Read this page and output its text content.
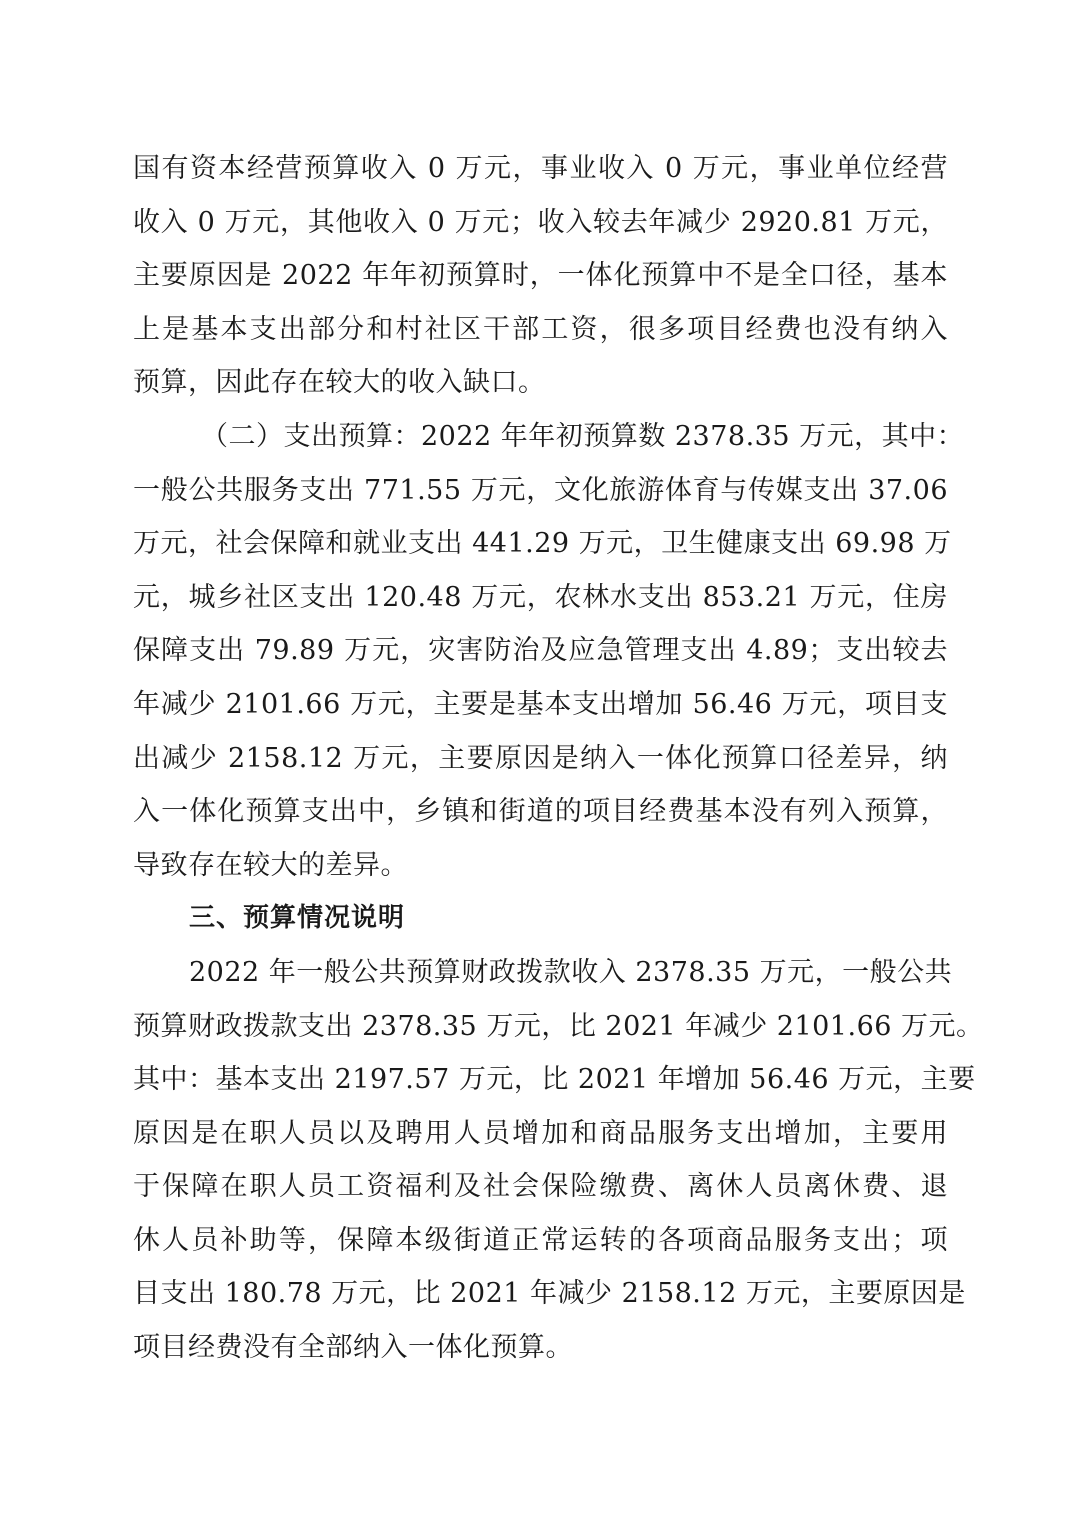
国有资本经营预算收入 0 万元，事业收入 0 万元，事业单位经营
收入 0 万元，其他收入 0 万元；收入较去年减少 2920.81 万元，
主要原因是 2022 年年初预算时，一体化预算中不是全口径，基本
上是基本支出部分和村社区干部工资，很多项目经费也没有纳入
预算，因此存在较大的收入缺口。
（二）支出预算：2022 年年初预算数 2378.35 万元，其中：
一般公共服务支出 771.55 万元，文化旅游体育与传媒支出 37.06
万元，社会保障和就业支出 441.29 万元，卫生健康支出 69.98 万
元，城乡社区支出 120.48 万元，农林水支出 853.21 万元，住房
保障支出 79.89 万元，灾害防治及应急管理支出 4.89；支出较去
年减少 2101.66 万元，主要是基本支出增加 56.46 万元，项目支
出减少 2158.12 万元，主要原因是纳入一体化预算口径差异，纳
入一体化预算支出中，乡镇和街道的项目经费基本没有列入预算，
导致存在较大的差异。
三、预算情况说明
2022 年一般公共预算财政拨款收入 2378.35 万元，一般公共
预算财政拨款支出 2378.35 万元，比 2021 年减少 2101.66 万元。
其中：基本支出 2197.57 万元，比 2021 年增加 56.46 万元，主要
原因是在职人员以及聘用人员增加和商品服务支出增加，主要用
于保障在职人员工资福利及社会保险缴费、离休人员离休费、退
休人员补助等，保障本级街道正常运转的各项商品服务支出；项
目支出 180.78 万元，比 2021 年减少 2158.12 万元，主要原因是
项目经费没有全部纳入一体化预算。
